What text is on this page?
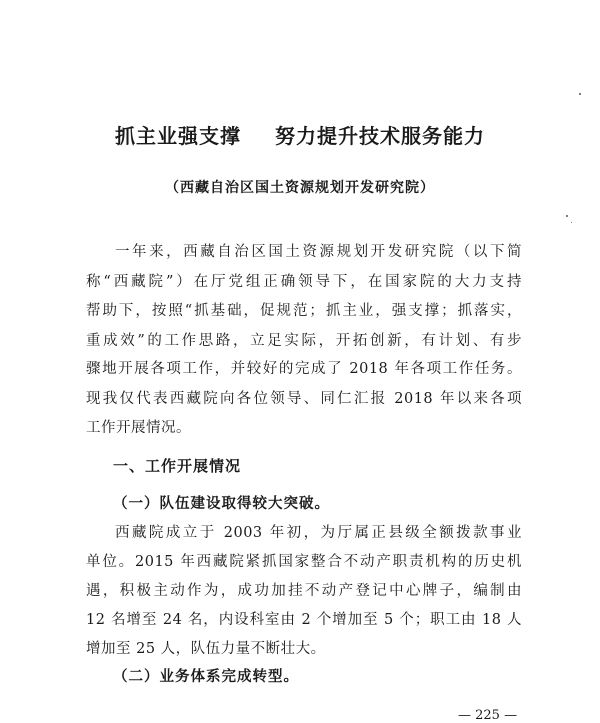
抓主业强支撑 努力提升技术服务能力
（西藏自治区国土资源规划开发研究院）
一年来，西藏自治区国土资源规划开发研究院（以下简
称“西藏院”）在厅党组正确领导下，在国家院的大力支持
帮助下，按照“抓基础，促规范；抓主业，强支撑；抓落实，
重成效”的工作思路，立足实际，开拓创新，有计划、有步
骤地开展各项工作，并较好的完成了 2018 年各项工作任务。
现我仅代表西藏院向各位领导、同仁汇报 2018 年以来各项
工作开展情况。
一、工作开展情况
（一）队伍建设取得较大突破。
西藏院成立于 2003 年初，为厅属正县级全额拨款事业
单位。2015 年西藏院紧抓国家整合不动产职责机构的历史机
遇，积极主动作为，成功加挂不动产登记中心牌子，编制由
12 名增至 24 名，内设科室由 2 个增加至 5 个；职工由 18 人
增加至 25 人，队伍力量不断壮大。
（二）业务体系完成转型。
— 225 —
